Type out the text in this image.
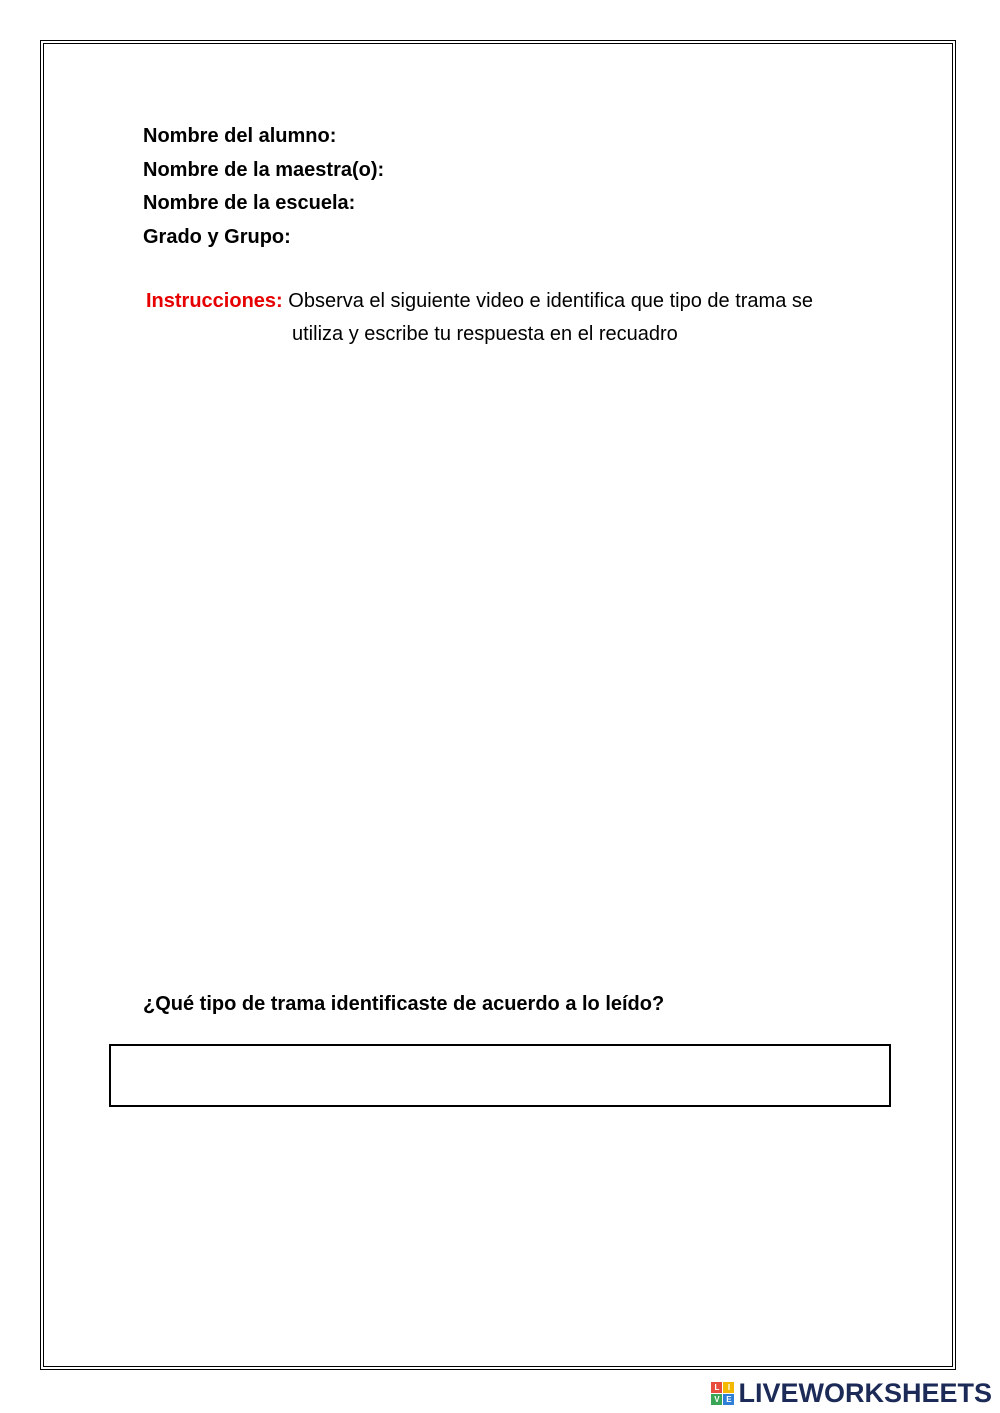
Nombre del alumno:
Nombre de la maestra(o):
Nombre de la escuela:
Grado y Grupo:
Instrucciones: Observa el siguiente video e identifica que tipo de trama se
utiliza y escribe tu respuesta en el recuadro
¿Qué tipo de trama identificaste de acuerdo a lo leído?
L	I
V E LIVEWORKSHEETS
